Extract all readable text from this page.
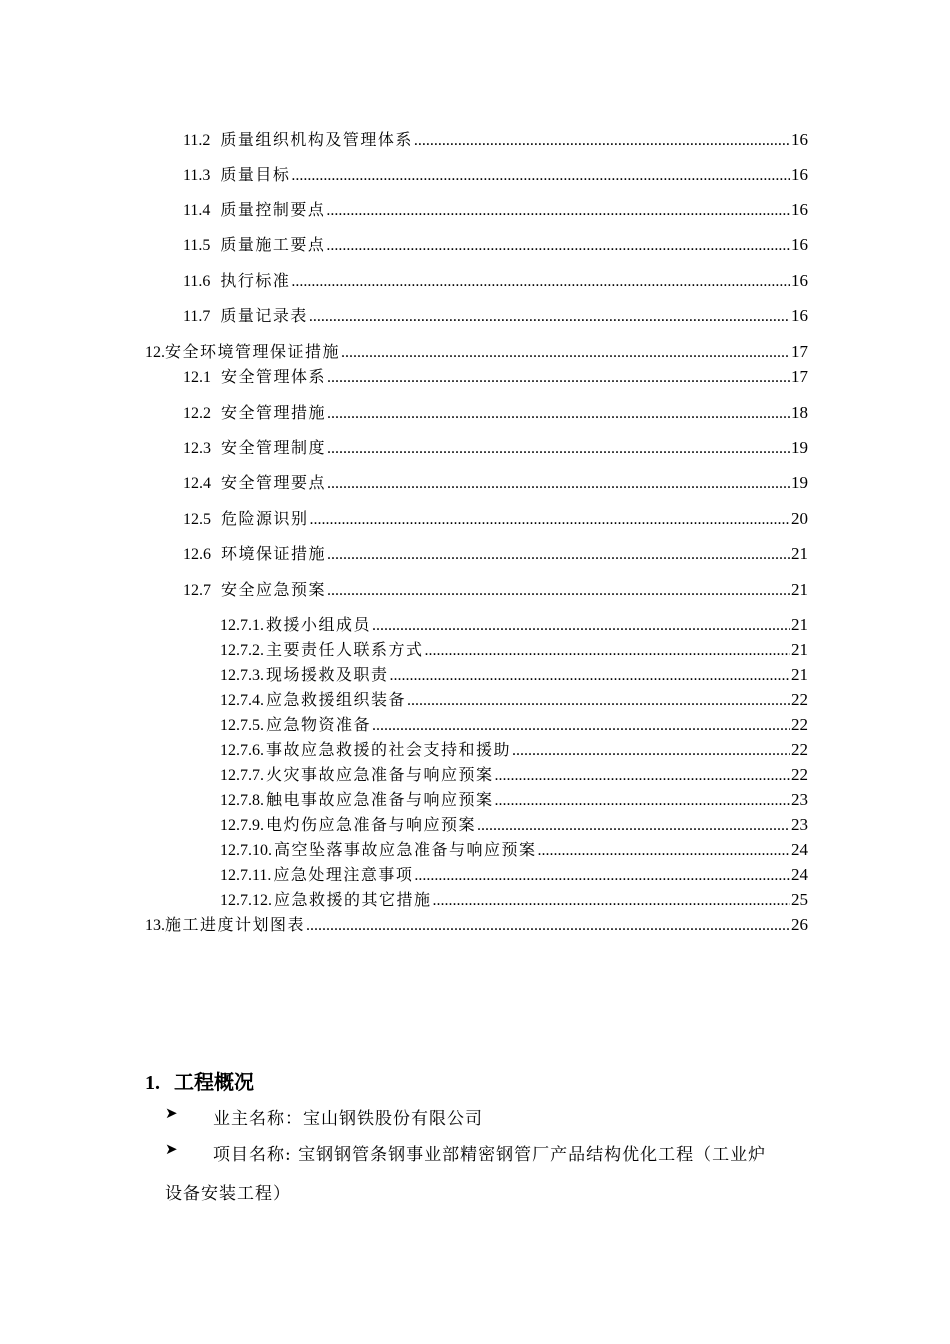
11.2 质量组织机构及管理体系 .....	16
11.3 质量目标 .....	16
11.4 质量控制要点 .....	16
11.5 质量施工要点 .....	16
11.6 执行标准 .....	16
11.7 质量记录表 .....	16
12. 安全环境管理保证措施 .....	17
12.1 安全管理体系 .....	17
12.2 安全管理措施 .....	18
12.3 安全管理制度 .....	19
12.4 安全管理要点 .....	19
12.5 危险源识别 .....	20
12.6 环境保证措施 .....	21
12.7 安全应急预案 .....	21
12.7.1. 救援小组成员 .....	21
12.7.2. 主要责任人联系方式 .....	21
12.7.3. 现场援救及职责 .....	21
12.7.4. 应急救援组织装备 .....	22
12.7.5. 应急物资准备 .....	22
12.7.6. 事故应急救援的社会支持和援助 .....	22
12.7.7. 火灾事故应急准备与响应预案 .....	22
12.7.8. 触电事故应急准备与响应预案 .....	23
12.7.9. 电灼伤应急准备与响应预案 .....	23
12.7.10. 高空坠落事故应急准备与响应预案 .....	24
12.7.11. 应急处理注意事项 .....	24
12.7.12. 应急救援的其它措施 .....	25
13. 施工进度计划图表 .....	26
1. 工程概况
➤ 业主名称：宝山钢铁股份有限公司
➤ 项目名称: 宝钢钢管条钢事业部精密钢管厂产品结构优化工程（工业炉
设备安装工程）
